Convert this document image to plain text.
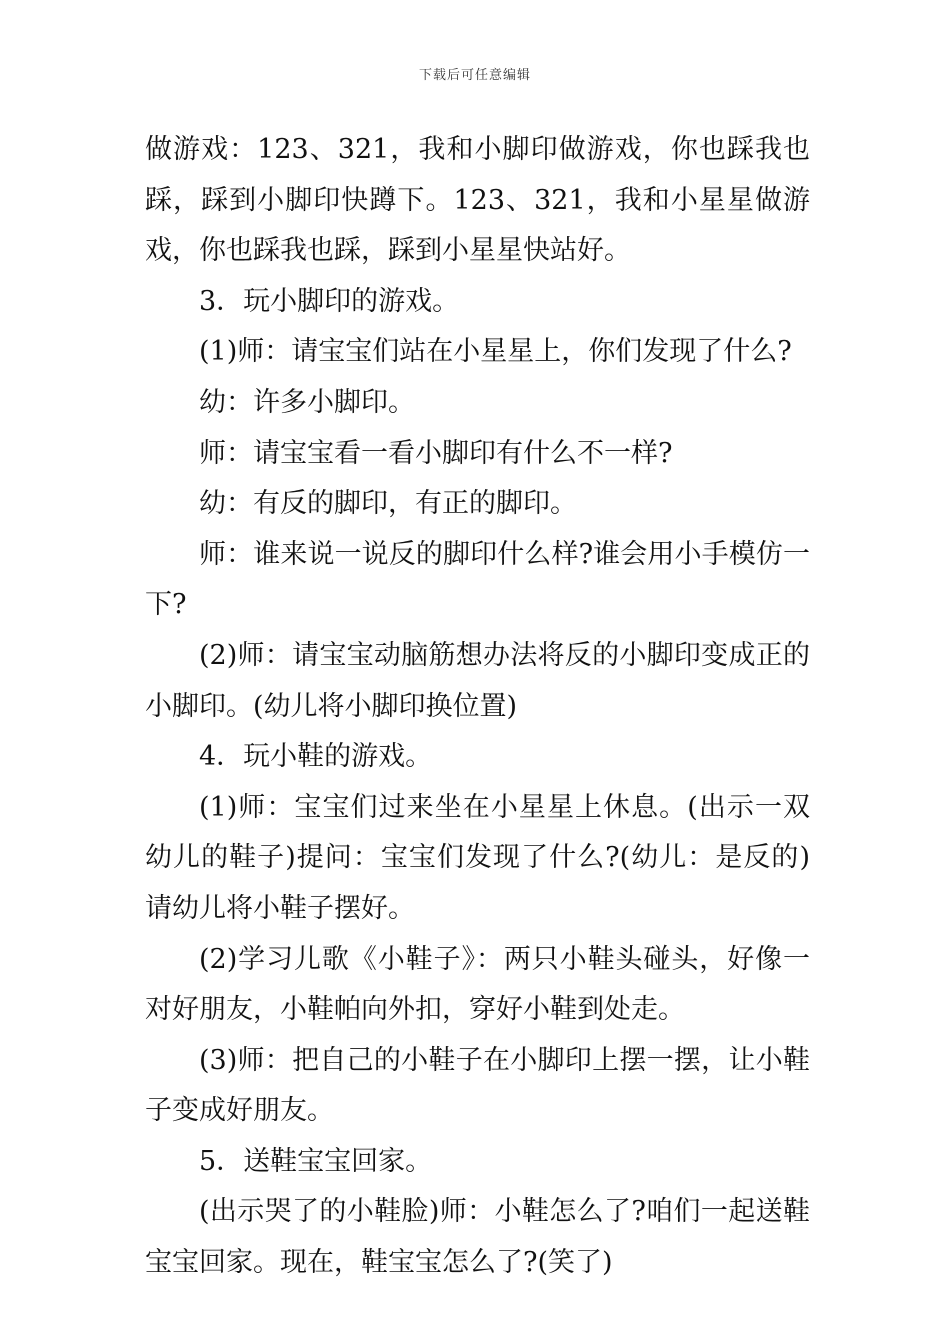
下载后可任意编辑

做游戏：123、321，我和小脚印做游戏，你也踩我也踩，踩到小脚印快蹲下。123、321，我和小星星做游戏，你也踩我也踩，踩到小星星快站好。

3．玩小脚印的游戏。

(1)师：请宝宝们站在小星星上，你们发现了什么?

幼：许多小脚印。

师：请宝宝看一看小脚印有什么不一样?

幼：有反的脚印，有正的脚印。

师：谁来说一说反的脚印什么样?谁会用小手模仿一下?

(2)师：请宝宝动脑筋想办法将反的小脚印变成正的小脚印。(幼儿将小脚印换位置)

4．玩小鞋的游戏。

(1)师：宝宝们过来坐在小星星上休息。(出示一双幼儿的鞋子)提问：宝宝们发现了什么?(幼儿：是反的)请幼儿将小鞋子摆好。

(2)学习儿歌《小鞋子》：两只小鞋头碰头，好像一对好朋友，小鞋帕向外扣，穿好小鞋到处走。

(3)师：把自己的小鞋子在小脚印上摆一摆，让小鞋子变成好朋友。

5．送鞋宝宝回家。

(出示哭了的小鞋脸)师：小鞋怎么了?咱们一起送鞋宝宝回家。现在，鞋宝宝怎么了?(笑了)
